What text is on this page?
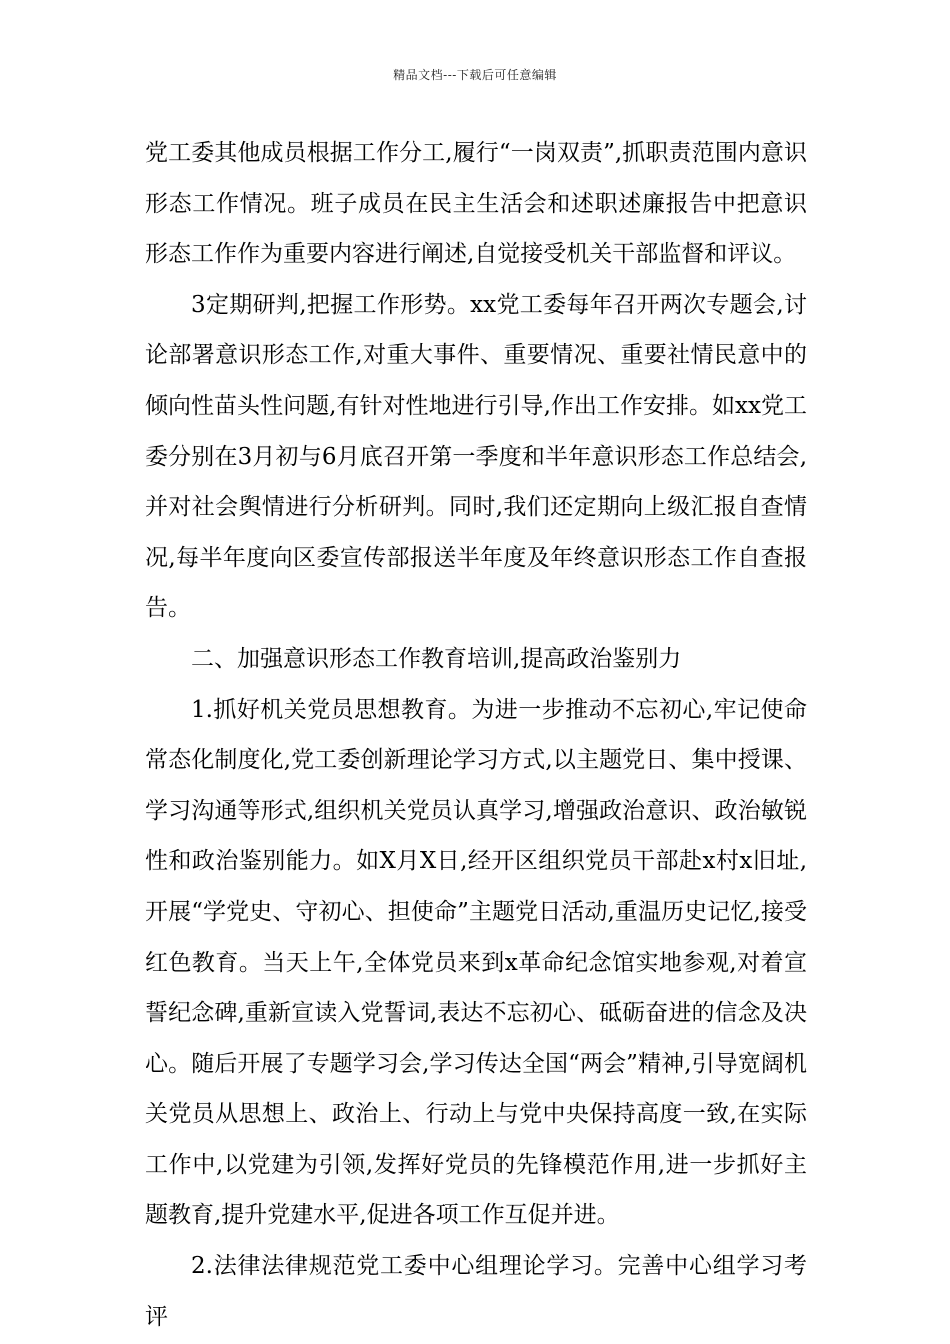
精品文档---下载后可任意编辑

党工委其他成员根据工作分工,履行“一岗双责”,抓职责范围内意识形态工作情况。班子成员在民主生活会和述职述廉报告中把意识形态工作作为重要内容进行阐述,自觉接受机关干部监督和评议。

3定期研判,把握工作形势。xx党工委每年召开两次专题会,讨论部署意识形态工作,对重大事件、重要情况、重要社情民意中的倾向性苗头性问题,有针对性地进行引导,作出工作安排。如xx党工委分别在3月初与6月底召开第一季度和半年意识形态工作总结会,并对社会舆情进行分析研判。同时,我们还定期向上级汇报自查情况,每半年度向区委宣传部报送半年度及年终意识形态工作自查报告。

二、加强意识形态工作教育培训,提高政治鉴别力

1.抓好机关党员思想教育。为进一步推动不忘初心,牢记使命常态化制度化,党工委创新理论学习方式,以主题党日、集中授课、学习沟通等形式,组织机关党员认真学习,增强政治意识、政治敏锐性和政治鉴别能力。如X月X日,经开区组织党员干部赴x村x旧址,开展“学党史、守初心、担使命”主题党日活动,重温历史记忆,接受红色教育。当天上午,全体党员来到x革命纪念馆实地参观,对着宣誓纪念碑,重新宣读入党誓词,表达不忘初心、砥砺奋进的信念及决心。随后开展了专题学习会,学习传达全国“两会”精神,引导宽阔机关党员从思想上、政治上、行动上与党中央保持高度一致,在实际工作中,以党建为引领,发挥好党员的先锋模范作用,进一步抓好主题教育,提升党建水平,促进各项工作互促并进。

2.法律法律规范党工委中心组理论学习。完善中心组学习考评
